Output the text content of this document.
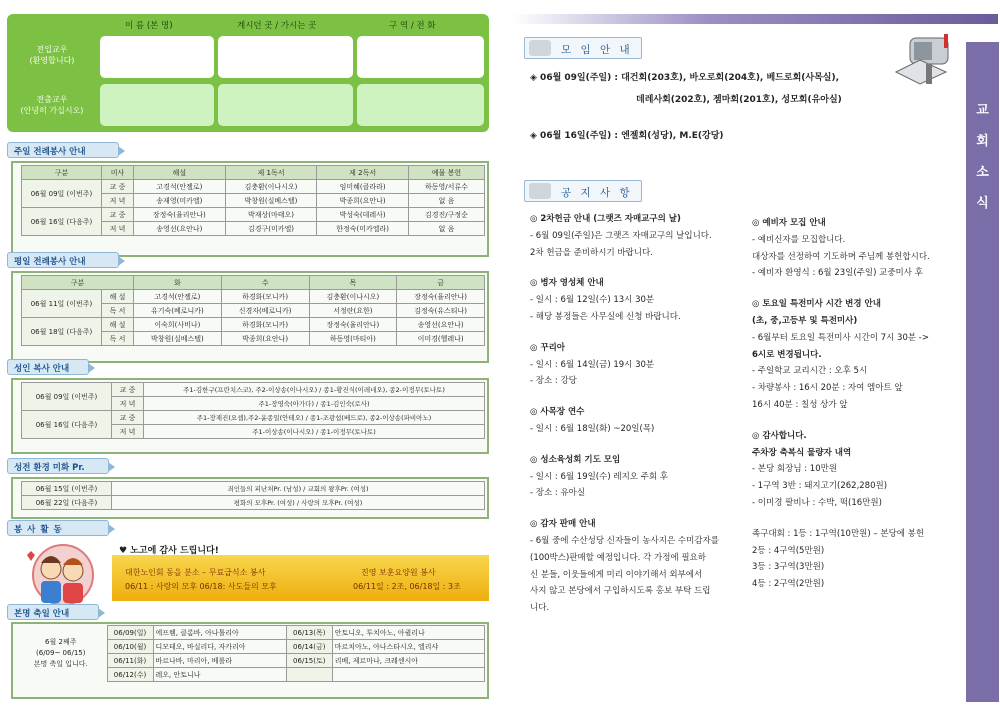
이 름 (본 명)	계시던 곳 / 가시는 곳	구 역 / 전 화
전입교우
(환영합니다)
전출교우
(안녕히 가십시오)
주일 전례봉사 안내
구분	미사	해설	제 1독서	제 2독서	예물 봉헌
06월 09일 (이번주)	교 중	고경석(안젤로)	김충환(이나시오)	임미혜(클라라)	하동영/서류수
	저 녁	송재영(미카엘)	박창원(실베스텔)	박종희(요안나)	없 음
06월 16일 (다음주)	교 중	장정숙(율리안나)	박재상(마태오)	박성숙(데레사)	김경진/구정순
	저 녁	송영선(요안나)	김경구(미카엘)	한정숙(미카엘라)	없 음
평일 전례봉사 안내
구분		화	수	목	금
06월 11일 (이번주)	해 설	고경석(안젤로)	하경화(모니카)	김충환(이나시오)	장정숙(율리안나)
	독 서	유기숙(베로니카)	신경자(베로니카)	서정란(요한)	김정숙(유스티나)
06월 18일 (다음주)	해 설	이숙희(사비나)	하경화(모니카)	장정숙(율리안나)	송영선(요안나)
	독 서	박창원(실베스텔)	박종희(요안나)	하동영(마티아)	이미경(헬레나)
성인 복사 안내
06월 09일 (이번주)	교 중	주1-김한구(프란치스코), 주2-이상송(이나시오) / 종1-황진식(이레네오), 종2-이정무(토나토)
	저 녁	주1-장영숙(아가다) / 종1-김인숙(로사)
06월 16일 (다음주)	교 중	주1-장재진(요셉),주2-윤종일(안테오) / 종1-조광섭(베드로), 종2-이상송(파비아노)
	저 녁	주1-이상송(이나시오) / 종1-이정무(토나토)
성전 환경 미화 Pr.
06월 15일 (이번주)	죄인들의 피난처Pr. (남성) / 교회의 왕후Pr. (여성)
06월 22일 (다음주)	평화의 모후Pr. (여성) / 사랑의 모후Pr. (여성)
봉 사 활 동
♥ 노고에 감사 드립니다!
대한노인회 동을 분소 – 무료급식소 봉사
06/11 : 사랑의 모후 06/18: 사도들의 모후
진영 보훈요양원 봉사
06/11일 : 2조, 06/18일 : 3조
본명 축일 안내
6월 2째주
(6/09~ 06/15)
본명 축일 입니다.	06/09(일)	에프렘, 클롬바, 아나톨리아	06/13(목)	안토니오, 투치아노, 아퀼리나
	06/10(월)	디모테오, 바실리다, 자카리아	06/14(금)	마르치아노, 아나스타시오, 엘리샤
	06/11(화)	바르나바, 마리아, 베롤라	06/15(토)	리베, 제르마나, 크레센시아
	06/12(수)	레오, 안토니나		
교
회
소
식
모 임 안 내
◈ 06월 09일(주일) : 대건회(203호), 바오로회(204호), 베드로회(사목실),
데레사회(202호), 젬마회(201호), 성모회(유아실)
◈ 06월 16일(주일) : 엔젤회(성당), M.E(강당)
공 지 사 항
◎ 2차헌금 안내 (그랫즈 자매교구의 날)
- 6월 09일(주일)은 그랫즈 자매교구의 날입니다.
2차 헌금을 준비하시기 바랍니다.
◎ 병자 영성체 안내
- 일시 : 6월 12일(수) 13시 30분
- 해당 봉정들은 사무실에 신청 바랍니다.
◎ 꾸리아
- 일시 : 6월 14일(금) 19시 30분
- 장소 : 강당
◎ 사목장 연수
- 일시 : 6월 18일(화) ~20일(목)
◎ 성소육성회 기도 모임
- 일시 : 6월 19일(수) 레지오 주회 후
- 장소 : 유아실
◎ 감자 판매 안내
- 6월 중에 수산성당 신자들이 농사지은 수미감자를
(100박스)판매할 예정입니다. 각 가정에 필요하
신 분들, 이웃들에게 미리 이야기해서 외부에서
사지 않고 본당에서 구입하시도록 홍보 부탁 드립
니다.
◎ 예비자 모집 안내
- 예비신자를 모집합니다.
대상자를 선정하여 기도하며 주님께 봉헌합시다.
- 예비자 환영식 : 6월 23일(주일) 교중미사 후
◎ 토요일 특전미사 시간 변경 안내
(초, 중,고등부 및 특전미사)
- 6월부터 토요일 특전미사 시간이 7시 30분 ->
6시로 변경됩니다.
- 주일학교 교리시간 : 오후 5시
- 차량봉사 : 16시 20분 : 자여 엠아트 앞
16시 40분 : 칠성 상가 앞
◎ 감사합니다.
주차장 축복식 물량자 내역
- 본당 회장님 : 10만원
- 1구역 3반 : 돼지고기(262,280원)
- 이미경 팔비나 : 수박, 떡(16만원)
족구대회 : 1등 : 1구역(10만원) – 본당에 봉헌
2등 : 4구역(5만원)
3등 : 3구역(3만원)
4등 : 2구역(2만원)
